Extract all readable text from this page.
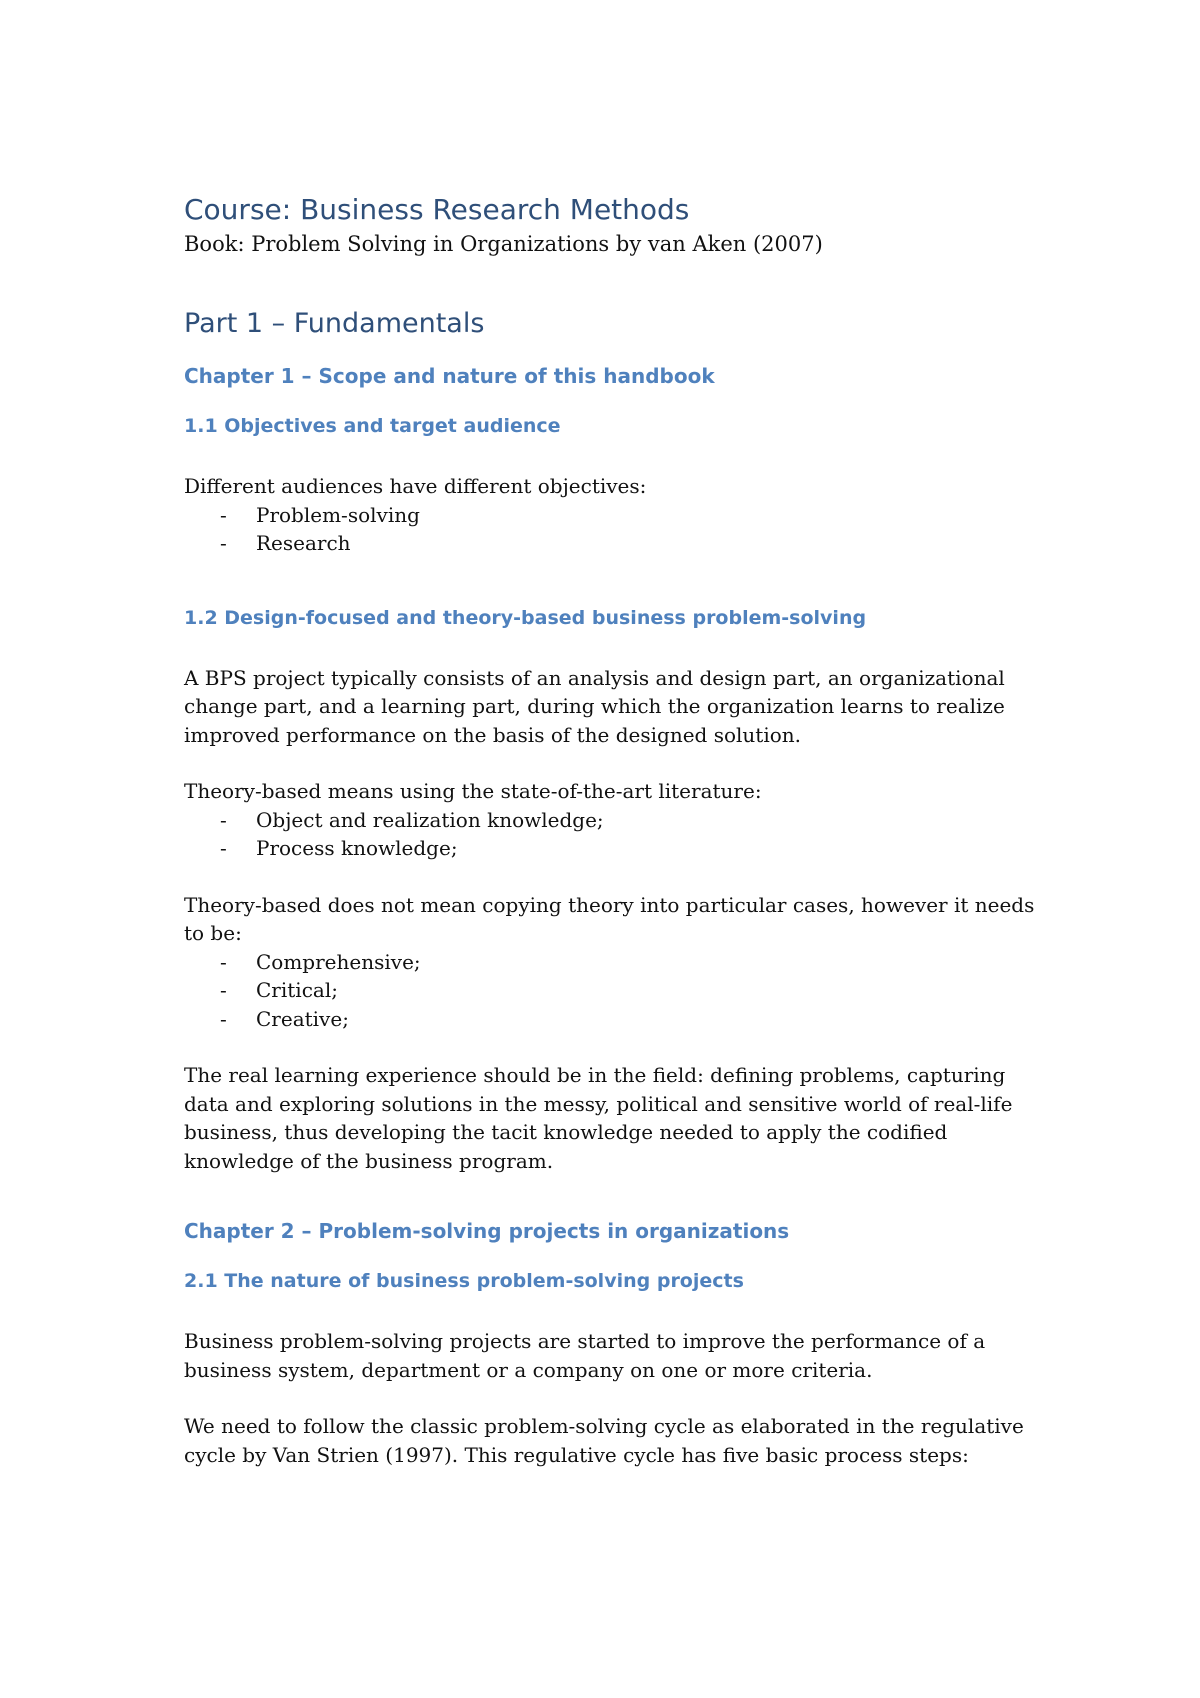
Course: Business Research Methods

Book: Problem Solving in Organizations by van Aken (2007)

Part 1 – Fundamentals
Chapter 1 – Scope and nature of this handbook
1.1 Objectives and target audience

Different audiences have different objectives:

- Problem-solving
- Research
1.2 Design-focused and theory-based business problem-solving

A BPS project typically consists of an analysis and design part, an organizational change part, and a learning part, during which the organization learns to realize improved performance on the basis of the designed solution.

Theory-based means using the state-of-the-art literature:

- Object and realization knowledge;
- Process knowledge;

Theory-based does not mean copying theory into particular cases, however it needs to be:

- Comprehensive;
- Critical;
- Creative;

The real learning experience should be in the field: defining problems, capturing data and exploring solutions in the messy, political and sensitive world of real-life business, thus developing the tacit knowledge needed to apply the codified knowledge of the business program.

Chapter 2 – Problem-solving projects in organizations
2.1 The nature of business problem-solving projects

Business problem-solving projects are started to improve the performance of a business system, department or a company on one or more criteria.

We need to follow the classic problem-solving cycle as elaborated in the regulative cycle by Van Strien (1997). This regulative cycle has five basic process steps:
